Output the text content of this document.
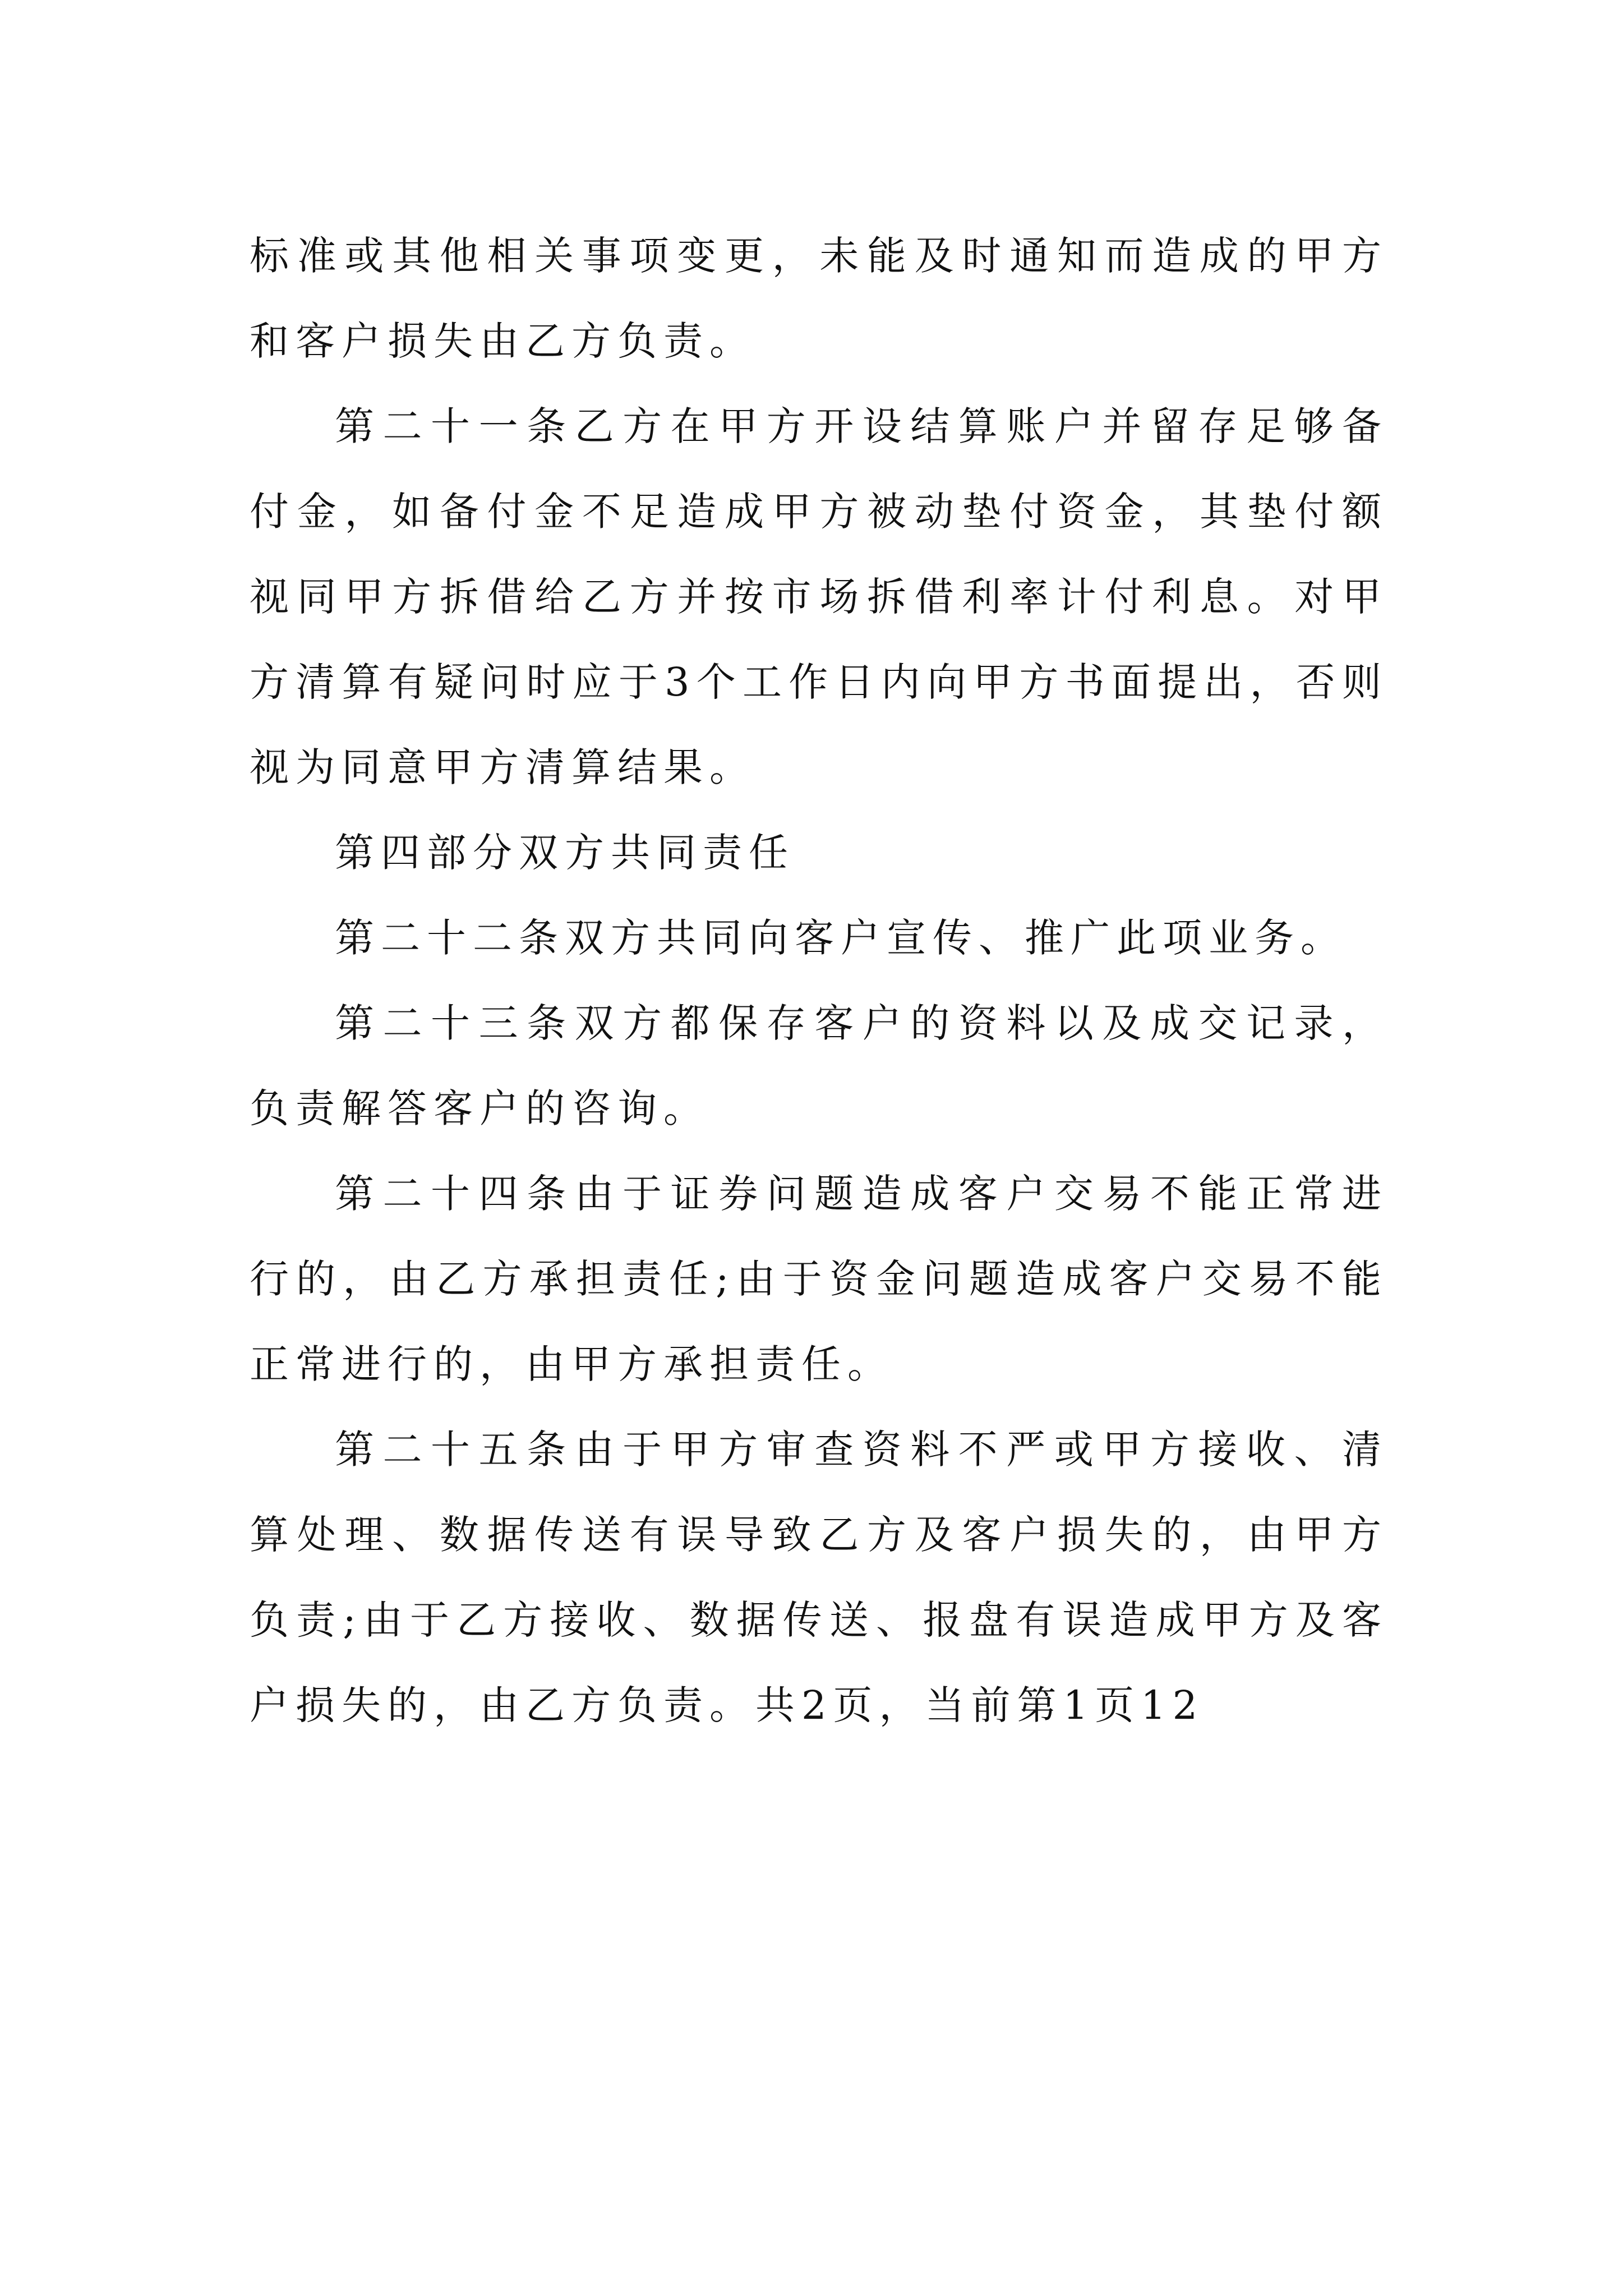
标准或其他相关事项变更，未能及时通知而造成的甲方和客户损失由乙方负责。

第二十一条乙方在甲方开设结算账户并留存足够备付金，如备付金不足造成甲方被动垫付资金，其垫付额视同甲方拆借给乙方并按市场拆借利率计付利息。对甲方清算有疑问时应于3个工作日内向甲方书面提出，否则视为同意甲方清算结果。

第四部分双方共同责任

第二十二条双方共同向客户宣传、推广此项业务。

第二十三条双方都保存客户的资料以及成交记录，负责解答客户的咨询。

第二十四条由于证券问题造成客户交易不能正常进行的，由乙方承担责任;由于资金问题造成客户交易不能正常进行的，由甲方承担责任。

第二十五条由于甲方审查资料不严或甲方接收、清算处理、数据传送有误导致乙方及客户损失的，由甲方负责;由于乙方接收、数据传送、报盘有误造成甲方及客户损失的，由乙方负责。共2页，当前第1页12
